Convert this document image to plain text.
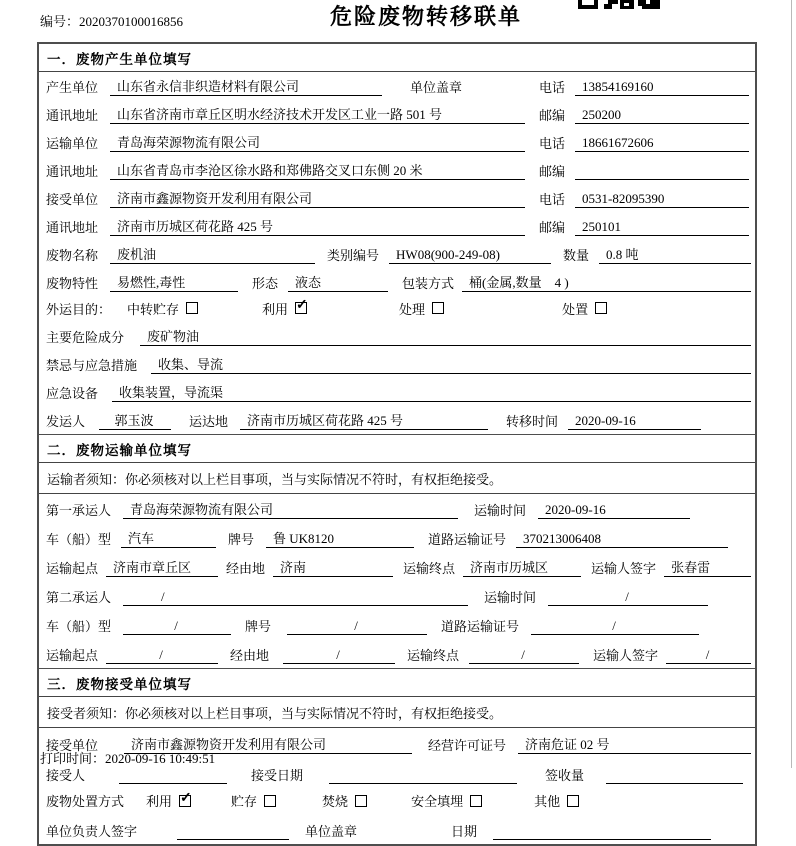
编号：2020370100016856	危险废物转移联单
一．废物产生单位填写
产生单位	山东省永信非织造材料有限公司	单位盖章	电话	13854169160
通讯地址	山东省济南市章丘区明水经济技术开发区工业一路 501 号	邮编	250200
运输单位	青岛海荣源物流有限公司	电话	18661672606
通讯地址	山东省青岛市李沧区徐水路和郑佛路交叉口东侧 20 米	邮编
接受单位	济南市鑫源物资开发利用有限公司	电话	0531-82095390
通讯地址	济南市历城区荷花路 425 号	邮编	250101
废物名称	废机油	类别编号	HW08(900-249-08)	数量	0.8 吨
废物特性	易燃性,毒性	形态	液态	包装方式	桶(金属,数量　4 )
外运目的： 中转贮存	利用 ✓	处理	处置
主要危险成分	废矿物油
禁忌与应急措施	收集、导流
应急设备	收集装置，导流渠
发运人	郭玉波	运达地	济南市历城区荷花路 425 号	转移时间	2020-09-16
二．废物运输单位填写
运输者须知：你必须核对以上栏目事项，当与实际情况不符时，有权拒绝接受。
第一承运人	青岛海荣源物流有限公司	运输时间	2020-09-16
车（船）型	汽车	牌号	鲁 UK8120	道路运输证号	370213006408
运输起点	济南市章丘区	经由地	济南	运输终点	济南市历城区	运输人签字	张春雷
第二承运人	/	运输时间	/
车（船）型	/	牌号	/	道路运输证号	/
运输起点	/	经由地	/	运输终点	/	运输人签字	/
三．废物接受单位填写
接受者须知：你必须核对以上栏目事项，当与实际情况不符时，有权拒绝接受。
接受单位	济南市鑫源物资开发利用有限公司	经营许可证号	济南危证 02 号
接受人	接受日期	签收量
废物处置方式 利用 ✓	贮存	焚烧	安全填埋	其他
单位负责人签字	单位盖章	日期
打印时间：2020-09-16 10:49:51
